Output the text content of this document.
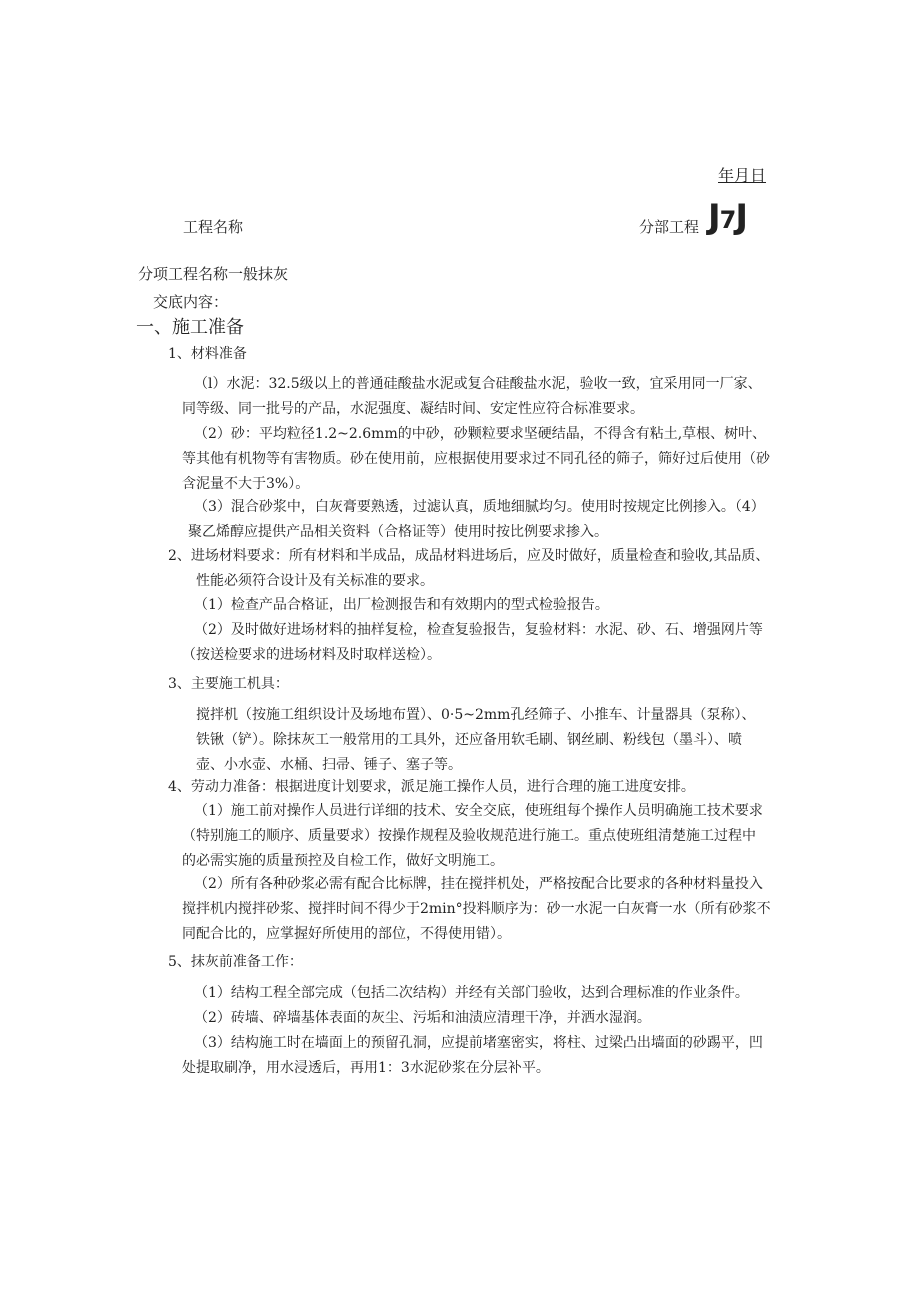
年月日
工程名称	分部工程 J7J
分项工程名称一般抹灰
交底内容：
一、施工准备
1、材料准备
（l）水泥：32.5级以上的普通硅酸盐水泥或复合硅酸盐水泥，验收一致，宜采用同一厂家、
同等级、同一批号的产品，水泥强度、凝结时间、安定性应符合标准要求。
（2）砂：平均粒径1.2~2.6mm的中砂，砂颗粒要求坚硬结晶，不得含有粘土,草根、树叶、
等其他有机物等有害物质。砂在使用前，应根据使用要求过不同孔径的筛子，筛好过后使用（砂
含泥量不大于3%）。
（3）混合砂浆中，白灰膏要熟透，过滤认真，质地细腻均匀。使用时按规定比例掺入。（4）
聚乙烯醇应提供产品相关资料（合格证等）使用时按比例要求掺入。
2、进场材料要求：所有材料和半成品，成品材料进场后，应及时做好，质量检查和验收,其品质、
性能必须符合设计及有关标准的要求。
（1）检查产品合格证，出厂检测报告和有效期内的型式检验报告。
（2）及时做好进场材料的抽样复检，检查复验报告，复验材料：水泥、砂、石、增强网片等
（按送检要求的进场材料及时取样送检）。
3、主要施工机具：
搅拌机（按施工组织设计及场地布置）、0·5~2mm孔经筛子、小推车、计量器具（泵称）、
铁锹（铲）。除抹灰工一般常用的工具外，还应备用软毛刷、钢丝刷、粉线包（墨斗）、喷
壶、小水壶、水桶、扫帚、锤子、塞子等。
4、劳动力准备：根据进度计划要求，派足施工操作人员，进行合理的施工进度安排。
（1）施工前对操作人员进行详细的技术、安全交底，使班组每个操作人员明确施工技术要求
（特别施工的顺序、质量要求）按操作规程及验收规范进行施工。重点使班组清楚施工过程中
的必需实施的质量预控及自检工作，做好文明施工。
（2）所有各种砂浆必需有配合比标牌，挂在搅拌机处，严格按配合比要求的各种材料量投入
搅拌机内搅拌砂浆、搅拌时间不得少于2min°投料顺序为：砂一水泥一白灰膏一水（所有砂浆不
同配合比的，应掌握好所使用的部位，不得使用错）。
5、抹灰前准备工作：
（1）结构工程全部完成（包括二次结构）并经有关部门验收，达到合理标准的作业条件。
（2）砖墙、碎墙基体表面的灰尘、污垢和油渍应清理干净，并洒水湿润。
（3）结构施工时在墙面上的预留孔洞，应提前堵塞密实，将柱、过梁凸出墙面的砂踢平，凹
处提取刷净，用水浸透后，再用1：3水泥砂浆在分层补平。
